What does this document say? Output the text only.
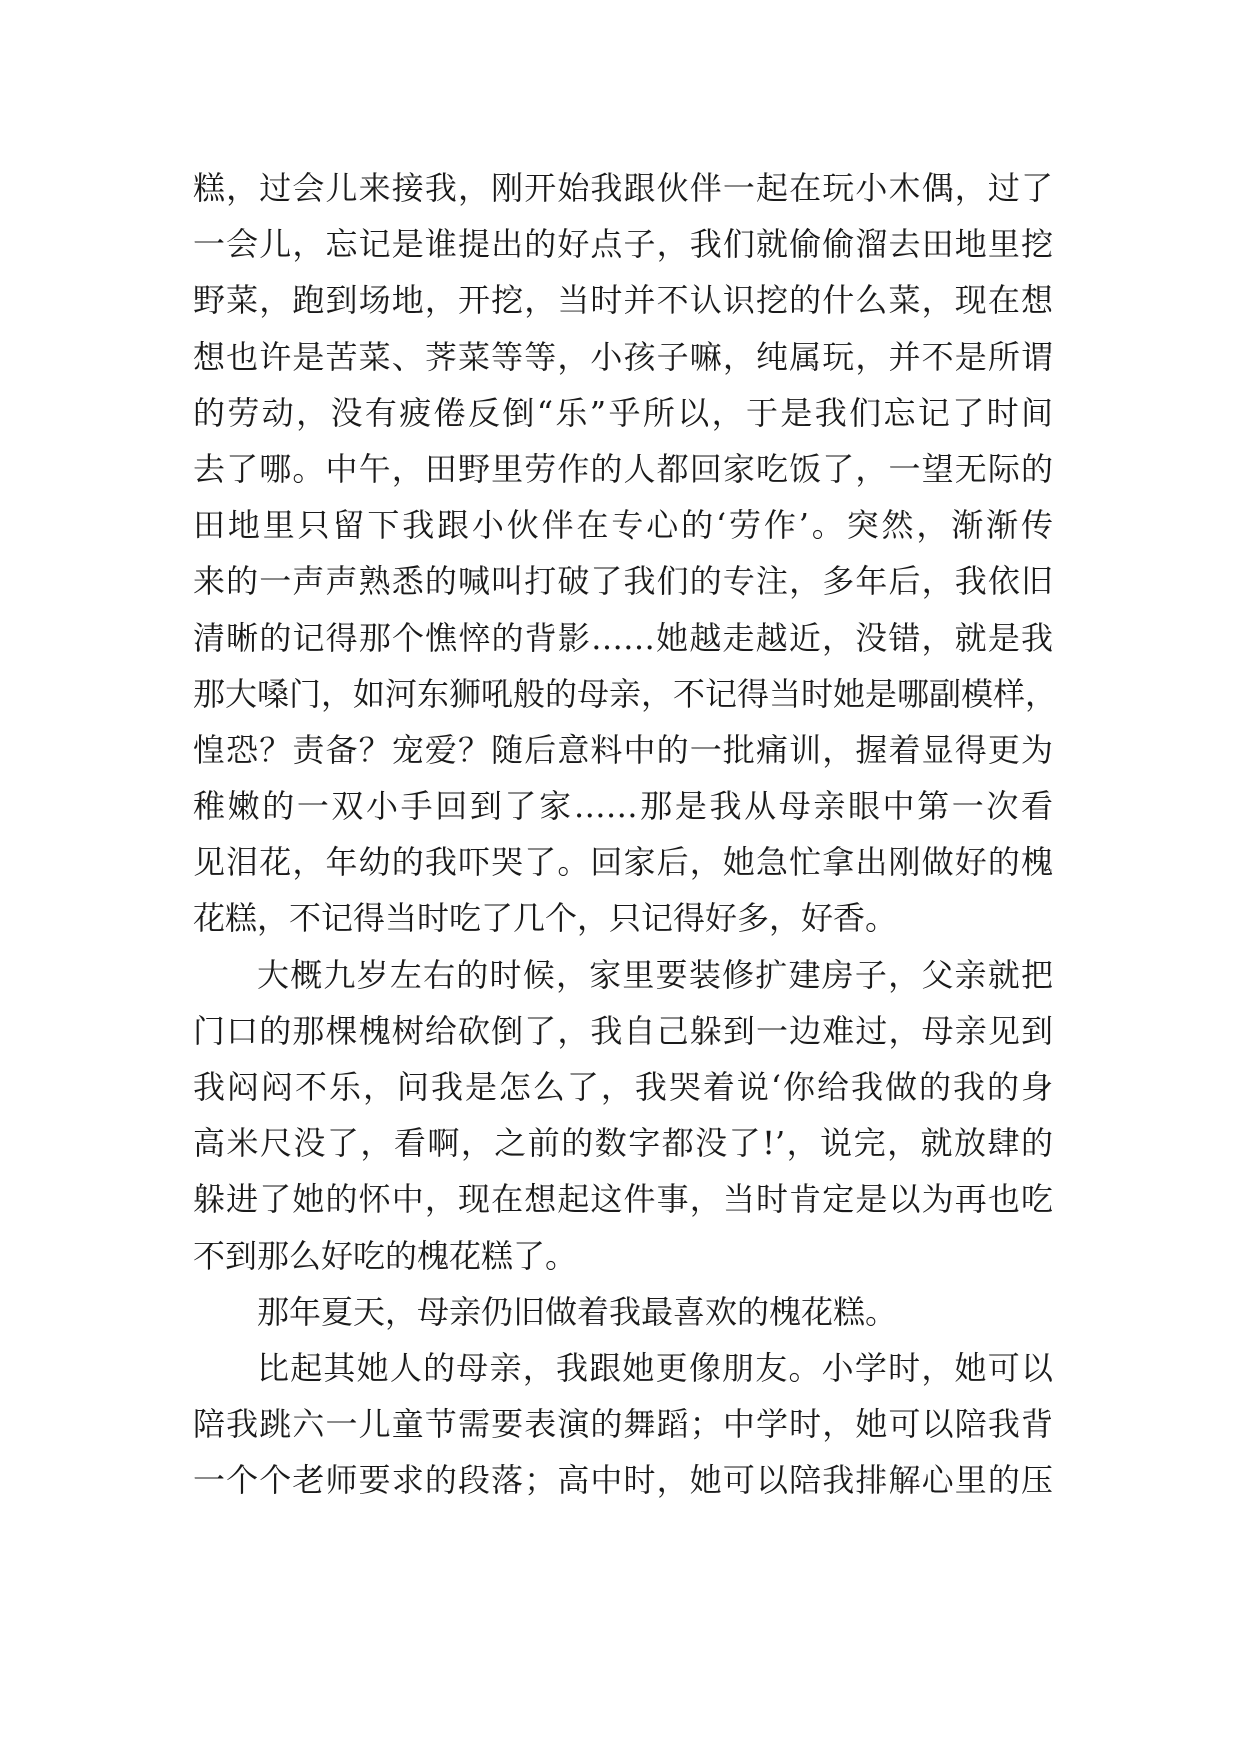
糕，过会儿来接我，刚开始我跟伙伴一起在玩小木偶，过了
一会儿，忘记是谁提出的好点子，我们就偷偷溜去田地里挖
野菜，跑到场地，开挖，当时并不认识挖的什么菜，现在想
想也许是苦菜、荠菜等等，小孩子嘛，纯属玩，并不是所谓
的劳动，没有疲倦反倒“乐”乎所以，于是我们忘记了时间
去了哪。中午，田野里劳作的人都回家吃饭了，一望无际的
田地里只留下我跟小伙伴在专心的‘劳作’。突然，渐渐传
来的一声声熟悉的喊叫打破了我们的专注，多年后，我依旧
清晰的记得那个憔悴的背影……她越走越近，没错，就是我
那大嗓门，如河东狮吼般的母亲，不记得当时她是哪副模样，
惶恐？责备？宠爱？随后意料中的一批痛训，握着显得更为
稚嫩的一双小手回到了家……那是我从母亲眼中第一次看
见泪花，年幼的我吓哭了。回家后，她急忙拿出刚做好的槐
花糕，不记得当时吃了几个，只记得好多，好香。
大概九岁左右的时候，家里要装修扩建房子，父亲就把
门口的那棵槐树给砍倒了，我自己躲到一边难过，母亲见到
我闷闷不乐，问我是怎么了，我哭着说‘你给我做的我的身
高米尺没了，看啊，之前的数字都没了!’，说完，就放肆的
躲进了她的怀中，现在想起这件事，当时肯定是以为再也吃
不到那么好吃的槐花糕了。
那年夏天，母亲仍旧做着我最喜欢的槐花糕。
比起其她人的母亲，我跟她更像朋友。小学时，她可以
陪我跳六一儿童节需要表演的舞蹈；中学时，她可以陪我背
一个个老师要求的段落；高中时，她可以陪我排解心里的压
